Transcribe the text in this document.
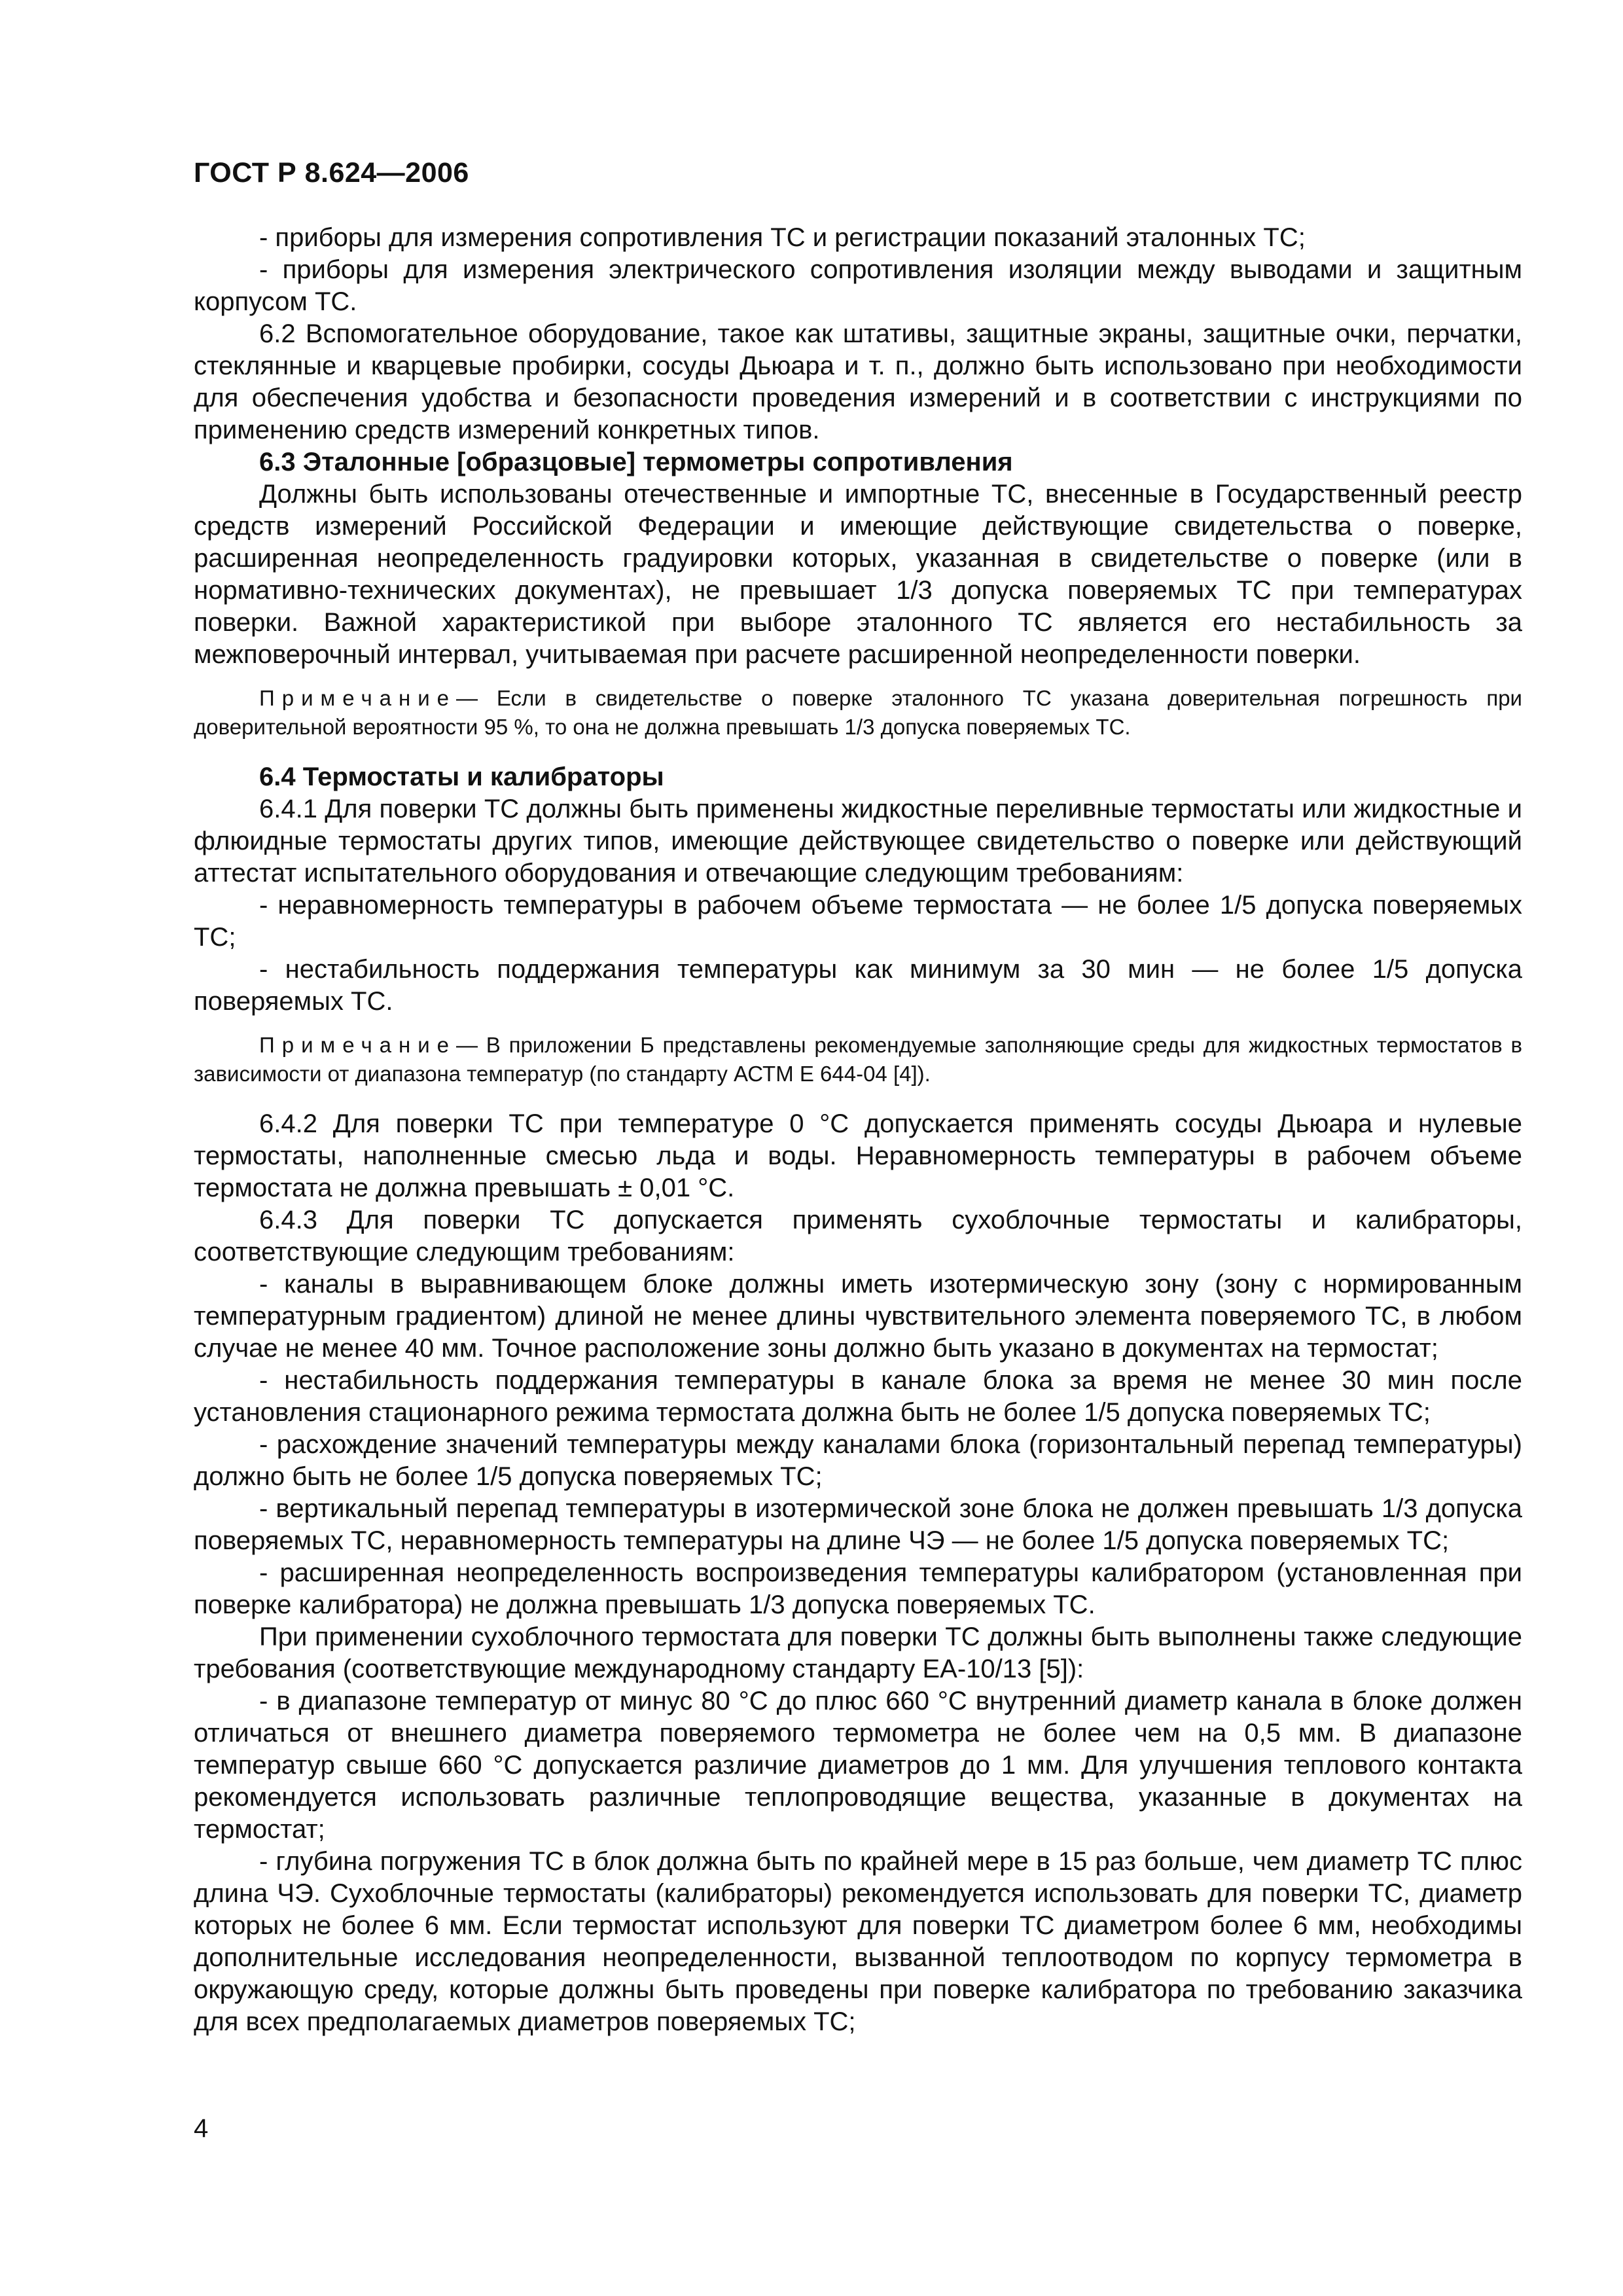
ГОСТ Р 8.624—2006

- приборы для измерения сопротивления ТС и регистрации показаний эталонных ТС;

- приборы для измерения электрического сопротивления изоляции между выводами и защитным корпусом ТС.

6.2 Вспомогательное оборудование, такое как штативы, защитные экраны, защитные очки, перчатки, стеклянные и кварцевые пробирки, сосуды Дьюара и т. п., должно быть использовано при необходимости для обеспечения удобства и безопасности проведения измерений и в соответствии с инструкциями по применению средств измерений конкретных типов.

6.3 Эталонные [образцовые] термометры сопротивления

Должны быть использованы отечественные и импортные ТС, внесенные в Государственный реестр средств измерений Российской Федерации и имеющие действующие свидетельства о поверке, расширенная неопределенность градуировки которых, указанная в свидетельстве о поверке (или в нормативно-технических документах), не превышает 1/3 допуска поверяемых ТС при температурах поверки. Важной характеристикой при выборе эталонного ТС является его нестабильность за межповерочный интервал, учитываемая при расчете расширенной неопределенности поверки.

Примечание— Если в свидетельстве о поверке эталонного ТС указана доверительная погрешность при доверительной вероятности 95 %, то она не должна превышать 1/3 допуска поверяемых ТС.

6.4 Термостаты и калибраторы

6.4.1 Для поверки ТС должны быть применены жидкостные переливные термостаты или жидкостные и флюидные термостаты других типов, имеющие действующее свидетельство о поверке или действующий аттестат испытательного оборудования и отвечающие следующим требованиям:

- неравномерность температуры в рабочем объеме термостата — не более 1/5 допуска поверяемых ТС;

- нестабильность поддержания температуры как минимум за 30 мин — не более 1/5 допуска поверяемых ТС.

Примечание— В приложении Б представлены рекомендуемые заполняющие среды для жидкостных термостатов в зависимости от диапазона температур (по стандарту АСТМ Е 644-04 [4]).

6.4.2 Для поверки ТС при температуре 0 °С допускается применять сосуды Дьюара и нулевые термостаты, наполненные смесью льда и воды. Неравномерность температуры в рабочем объеме термостата не должна превышать ± 0,01 °С.

6.4.3 Для поверки ТС допускается применять сухоблочные термостаты и калибраторы, соответствующие следующим требованиям:

- каналы в выравнивающем блоке должны иметь изотермическую зону (зону с нормированным температурным градиентом) длиной не менее длины чувствительного элемента поверяемого ТС, в любом случае не менее 40 мм. Точное расположение зоны должно быть указано в документах на термостат;

- нестабильность поддержания температуры в канале блока за время не менее 30 мин после установления стационарного режима термостата должна быть не более 1/5 допуска поверяемых ТС;

- расхождение значений температуры между каналами блока (горизонтальный перепад температуры) должно быть не более 1/5 допуска поверяемых ТС;

- вертикальный перепад температуры в изотермической зоне блока не должен превышать 1/3 допуска поверяемых ТС, неравномерность температуры на длине ЧЭ — не более 1/5 допуска поверяемых ТС;

- расширенная неопределенность воспроизведения температуры калибратором (установленная при поверке калибратора) не должна превышать 1/3 допуска поверяемых ТС.

При применении сухоблочного термостата для поверки ТС должны быть выполнены также следующие требования (соответствующие международному стандарту ЕА-10/13 [5]):

- в диапазоне температур от минус 80 °С до плюс 660 °С внутренний диаметр канала в блоке должен отличаться от внешнего диаметра поверяемого термометра не более чем на 0,5 мм. В диапазоне температур свыше 660 °С допускается различие диаметров до 1 мм. Для улучшения теплового контакта рекомендуется использовать различные теплопроводящие вещества, указанные в документах на термостат;

- глубина погружения ТС в блок должна быть по крайней мере в 15 раз больше, чем диаметр ТС плюс длина ЧЭ. Сухоблочные термостаты (калибраторы) рекомендуется использовать для поверки ТС, диаметр которых не более 6 мм. Если термостат используют для поверки ТС диаметром более 6 мм, необходимы дополнительные исследования неопределенности, вызванной теплоотводом по корпусу термометра в окружающую среду, которые должны быть проведены при поверке калибратора по требованию заказчика для всех предполагаемых диаметров поверяемых ТС;

4
